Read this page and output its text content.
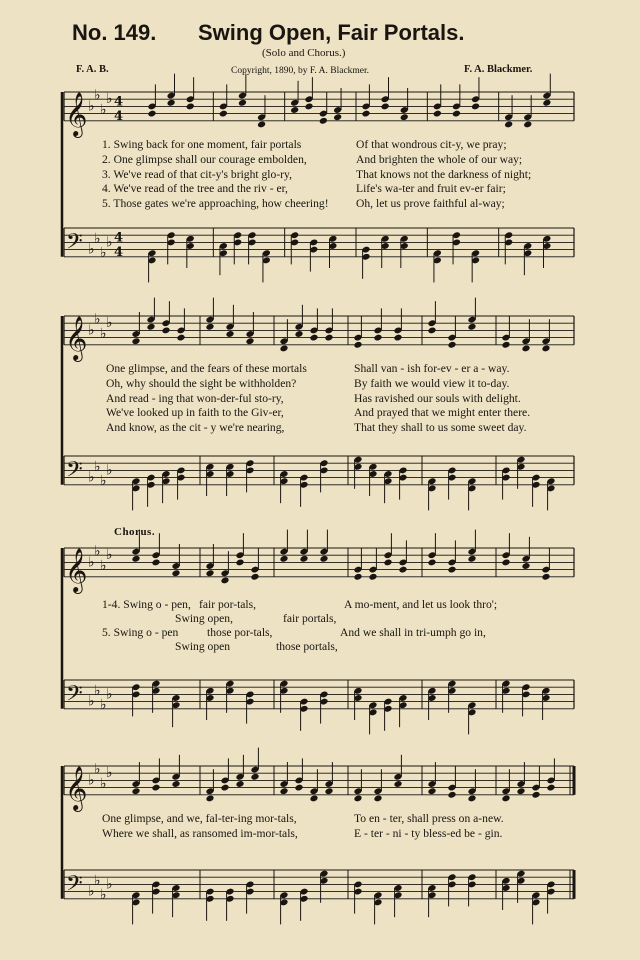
No. 149. Swing Open, Fair Portals.
(Solo and Chorus.)
F. A. B.	Copyright, 1890, by F. A. Blackmer.	F. A. Blackmer.
𝄞
𝄢
♭
♭
♭
♭
♭
♭
♭
♭
4
4
4
4
𝄞
𝄢
♭
♭
♭
♭
♭
♭
♭
♭
𝄞
𝄢
♭
♭
♭
♭
♭
♭
♭
♭
𝄞
𝄢
♭
♭
♭
♭
♭
♭
♭
♭
Chorus.
1. Swing back for one moment, fair portals	Of that wondrous cit-y, we pray;
2. One glimpse shall our courage embolden,	And brighten the whole of our way;
3. We've read of that cit-y's bright glo-ry,	That knows not the darkness of night;
4. We've read of the tree and the riv - er,	Life's wa-ter and fruit ev-er fair;
5. Those gates we're approaching, how cheering! Oh, let us prove faithful al-way;
One glimpse, and the fears of these mortals	Shall van - ish for-ev - er a - way.
Oh, why should the sight be withholden?	By faith we would view it to-day.
And read - ing that won-der-ful sto-ry,	Has ravished our souls with delight.
We've looked up in faith to the Giv-er,	And prayed that we might enter there.
And know, as the cit - y we're nearing,	That they shall to us some sweet day.
One glimpse, and we, fal-ter-ing mor-tals,	To en - ter, shall press on a-new.
Where we shall, as ransomed im-mor-tals,	E - ter - ni - ty bless-ed be - gin.
1-4. Swing o - pen, fair por-tals,	A mo-ment, and let us look thro';
Swing open,	fair portals,
5. Swing o - pen those por-tals,	And we shall in tri-umph go in,
Swing open	those portals,
